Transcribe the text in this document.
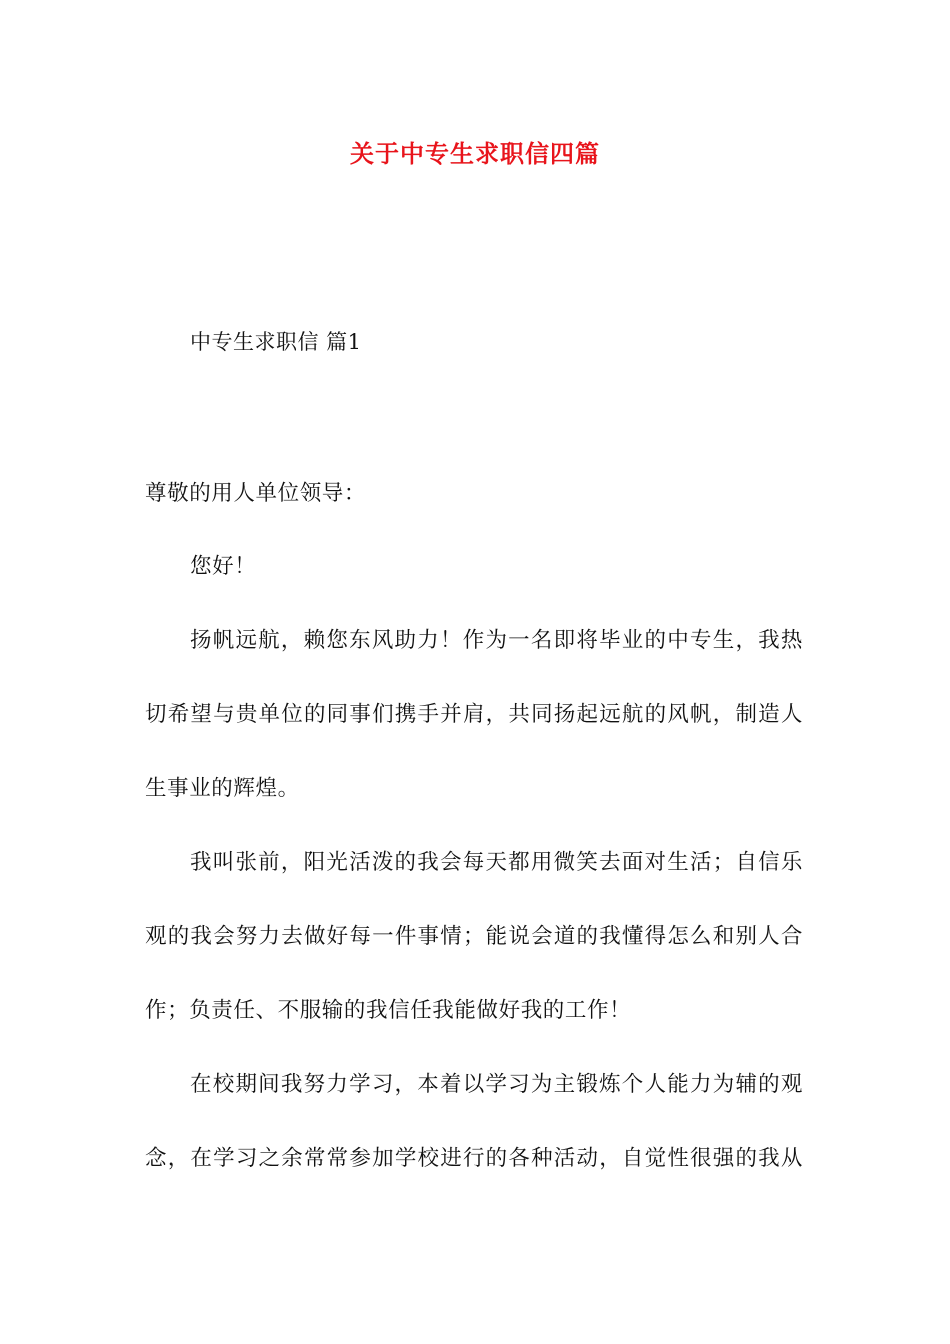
关于中专生求职信四篇
中专生求职信 篇1
尊敬的用人单位领导：
您好！
扬帆远航，赖您东风助力！作为一名即将毕业的中专生，我热
切希望与贵单位的同事们携手并肩，共同扬起远航的风帆，制造人
生事业的辉煌。
我叫张前，阳光活泼的我会每天都用微笑去面对生活；自信乐
观的我会努力去做好每一件事情；能说会道的我懂得怎么和别人合
作；负责任、不服输的我信任我能做好我的工作！
在校期间我努力学习，本着以学习为主锻炼个人能力为辅的观
念，在学习之余常常参加学校进行的各种活动，自觉性很强的我从
